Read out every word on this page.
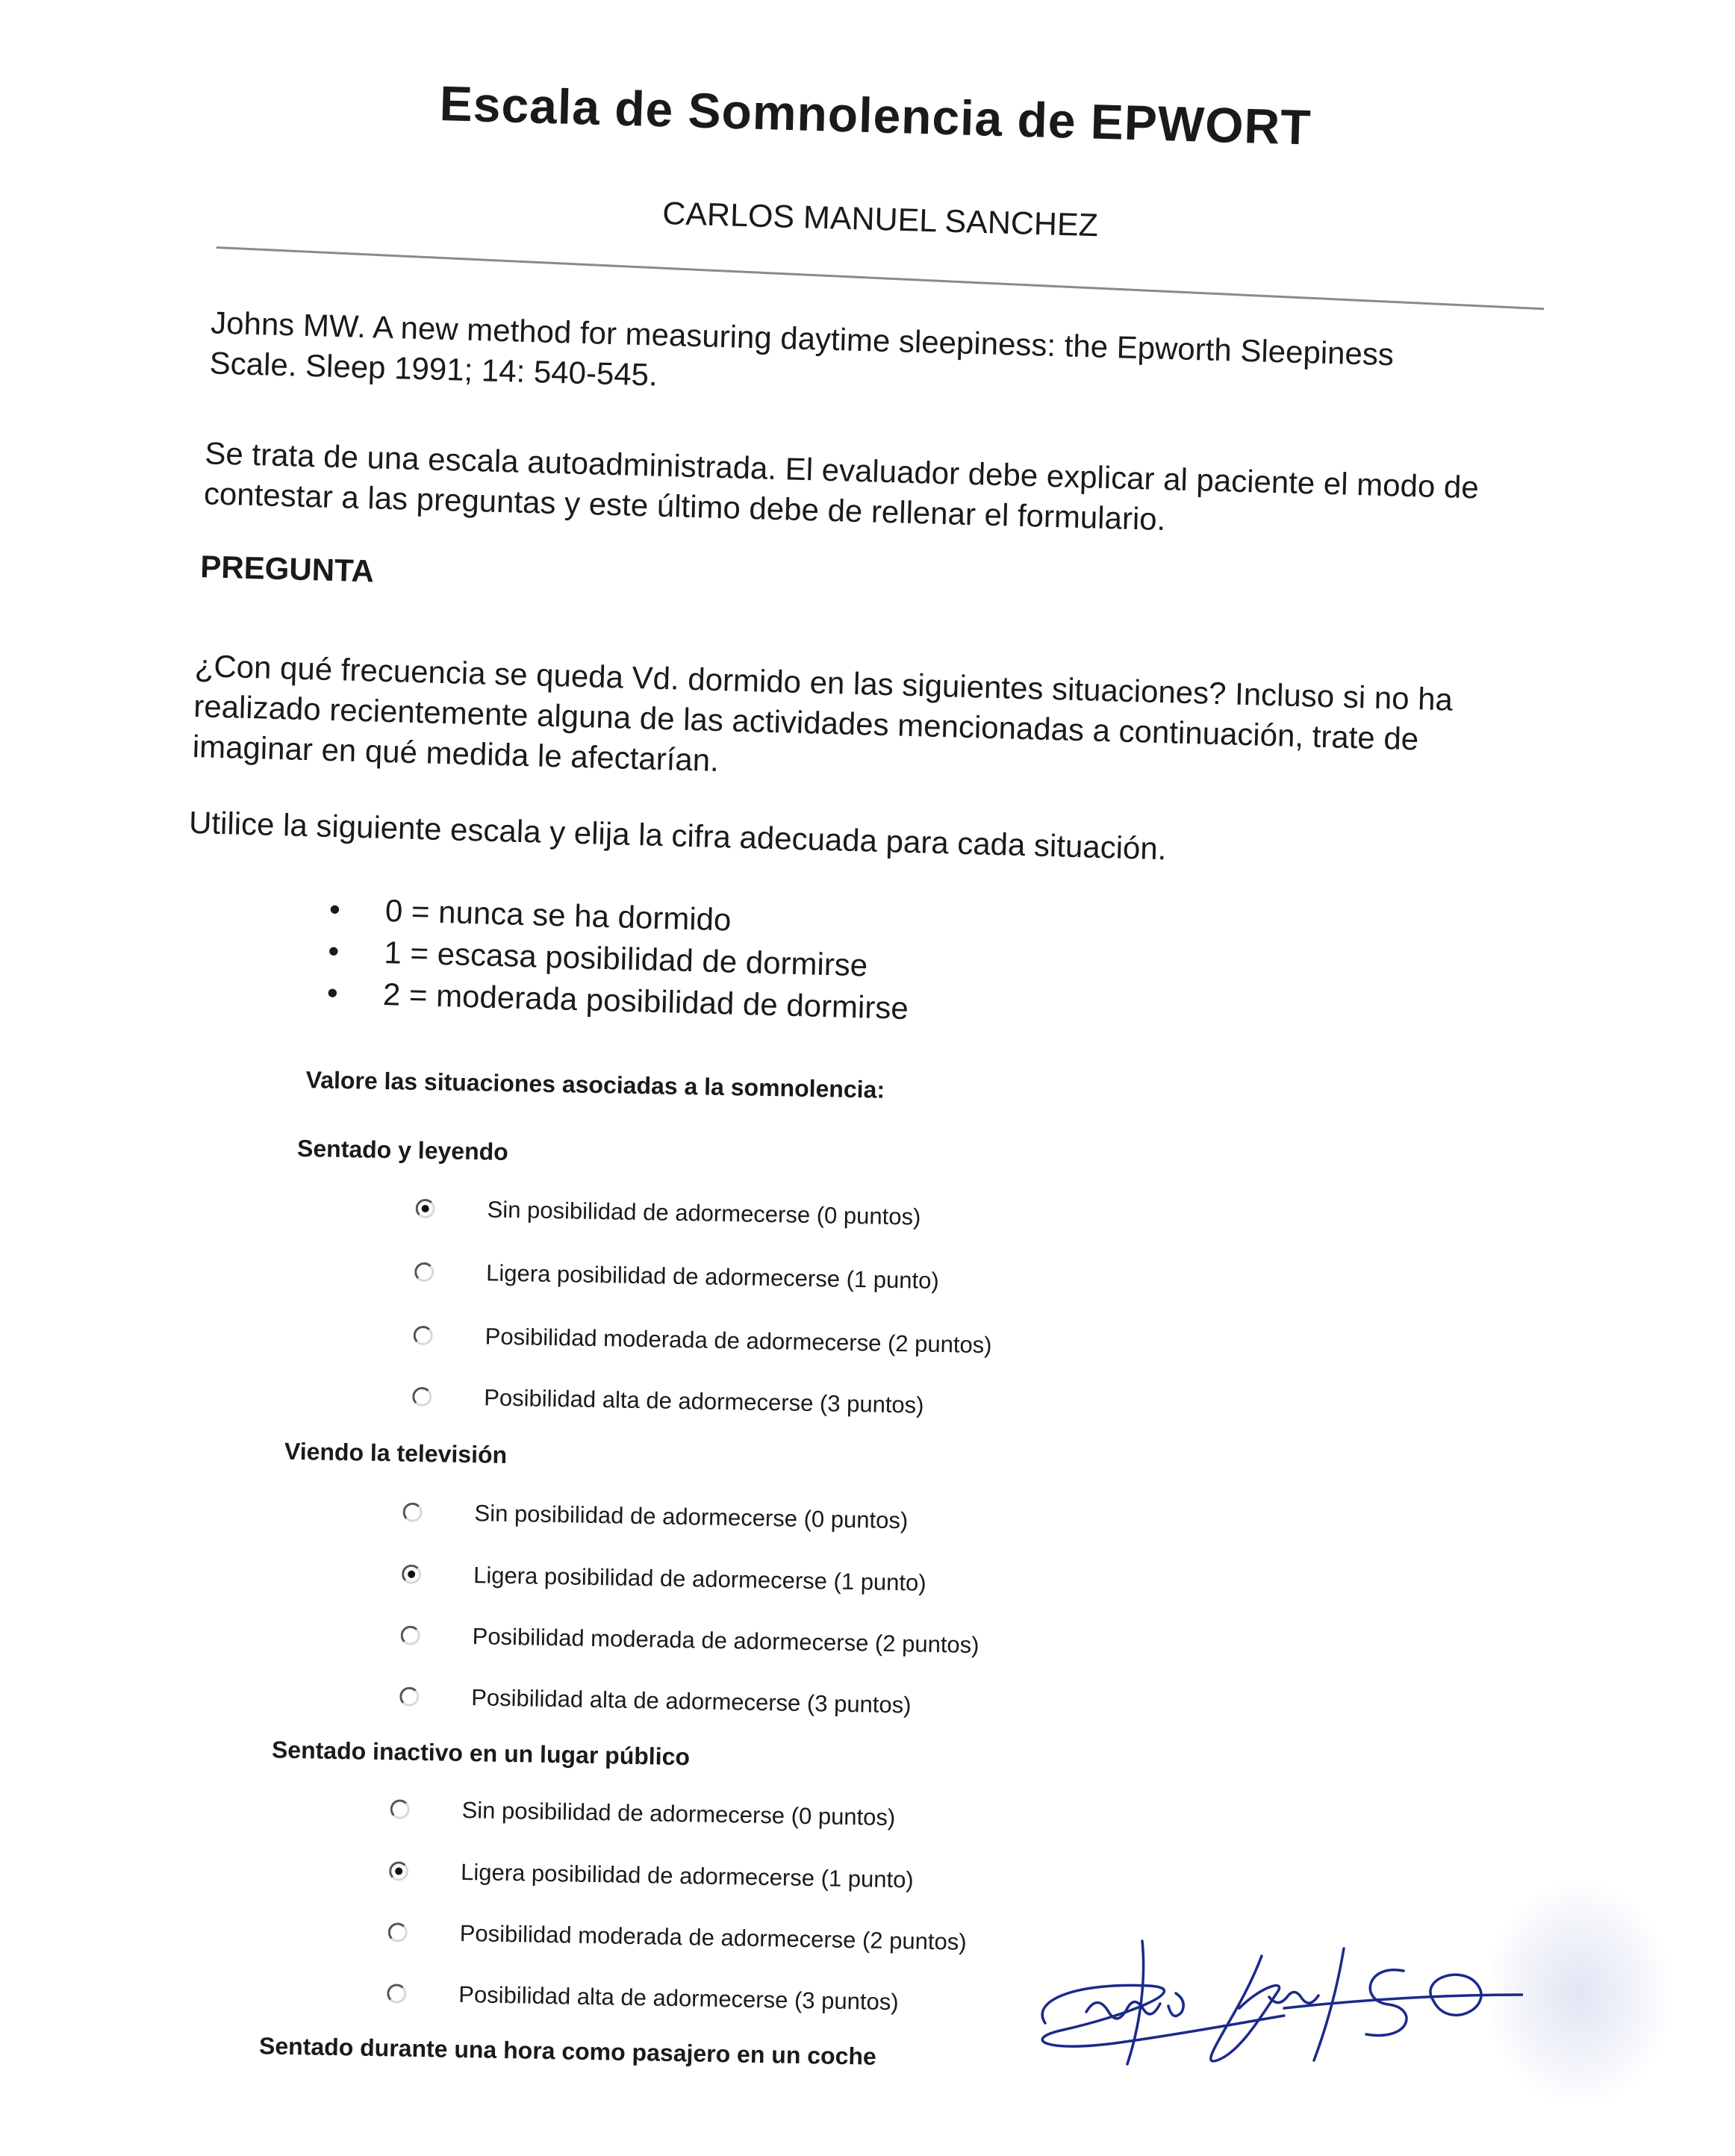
Escala de Somnolencia de EPWORT
CARLOS MANUEL SANCHEZ

Johns MW. A new method for measuring daytime sleepiness: the Epworth Sleepiness Scale. Sleep 1991; 14: 540-545.

Se trata de una escala autoadministrada. El evaluador debe explicar al paciente el modo de contestar a las preguntas y este último debe de rellenar el formulario.

PREGUNTA

¿Con qué frecuencia se queda Vd. dormido en las siguientes situaciones? Incluso si no ha realizado recientemente alguna de las actividades mencionadas a continuación, trate de imaginar en qué medida le afectarían.

Utilice la siguiente escala y elija la cifra adecuada para cada situación.

• 0 = nunca se ha dormido
• 1 = escasa posibilidad de dormirse
• 2 = moderada posibilidad de dormirse
Valore las situaciones asociadas a la somnolencia:
Sentado y leyendo
Sin posibilidad de adormecerse (0 puntos)
Ligera posibilidad de adormecerse (1 punto)
Posibilidad moderada de adormecerse (2 puntos)
Posibilidad alta de adormecerse (3 puntos)
Viendo la televisión
Sin posibilidad de adormecerse (0 puntos)
Ligera posibilidad de adormecerse (1 punto)
Posibilidad moderada de adormecerse (2 puntos)
Posibilidad alta de adormecerse (3 puntos)
Sentado inactivo en un lugar público
Sin posibilidad de adormecerse (0 puntos)
Ligera posibilidad de adormecerse (1 punto)
Posibilidad moderada de adormecerse (2 puntos)
Posibilidad alta de adormecerse (3 puntos)
Sentado durante una hora como pasajero en un coche
